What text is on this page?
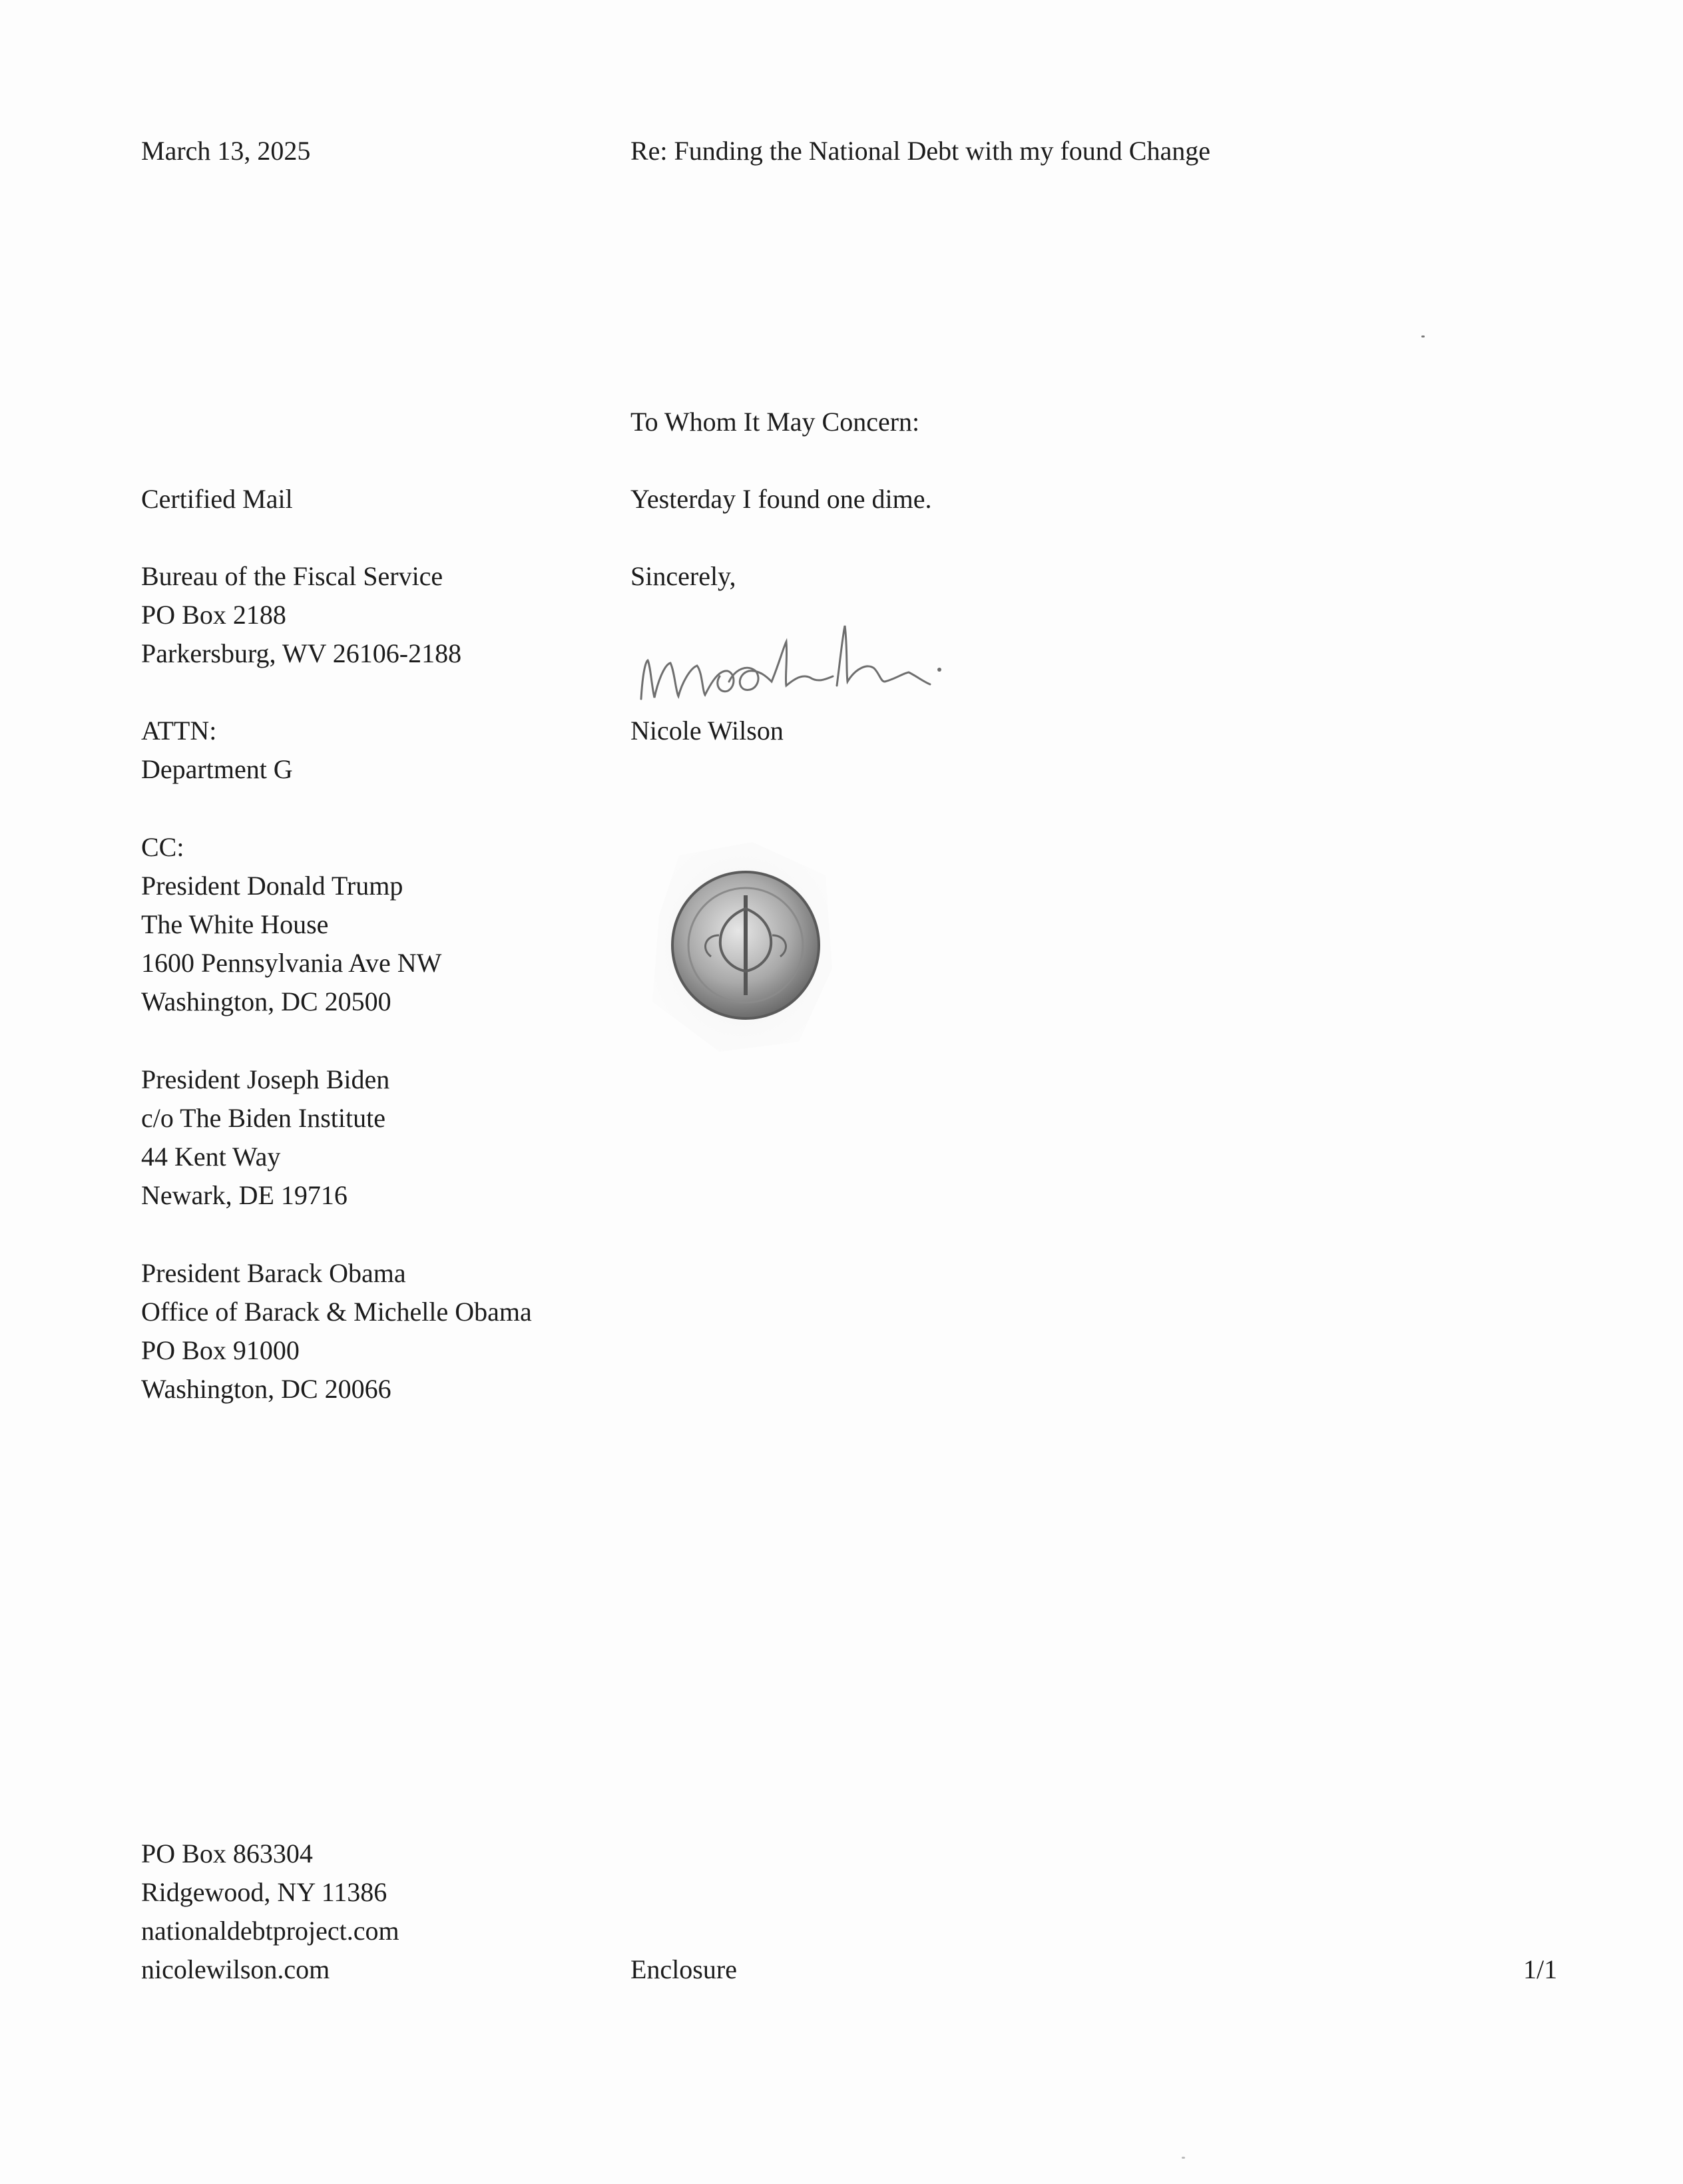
March 13, 2025	Re: Funding the National Debt with my found Change
To Whom It May Concern:
Certified Mail	Yesterday I found one dime.
Bureau of the Fiscal Service
PO Box 2188
Parkersburg, WV 26106-2188
Sincerely,
ATTN:
Department G
Nicole Wilson
CC:
President Donald Trump
The White House
1600 Pennsylvania Ave NW
Washington, DC 20500
President Joseph Biden
c/o The Biden Institute
44 Kent Way
Newark, DE 19716
President Barack Obama
Office of Barack & Michelle Obama
PO Box 91000
Washington, DC 20066
PO Box 863304
Ridgewood, NY 11386
nationaldebtproject.com
nicolewilson.com	Enclosure	1/1
